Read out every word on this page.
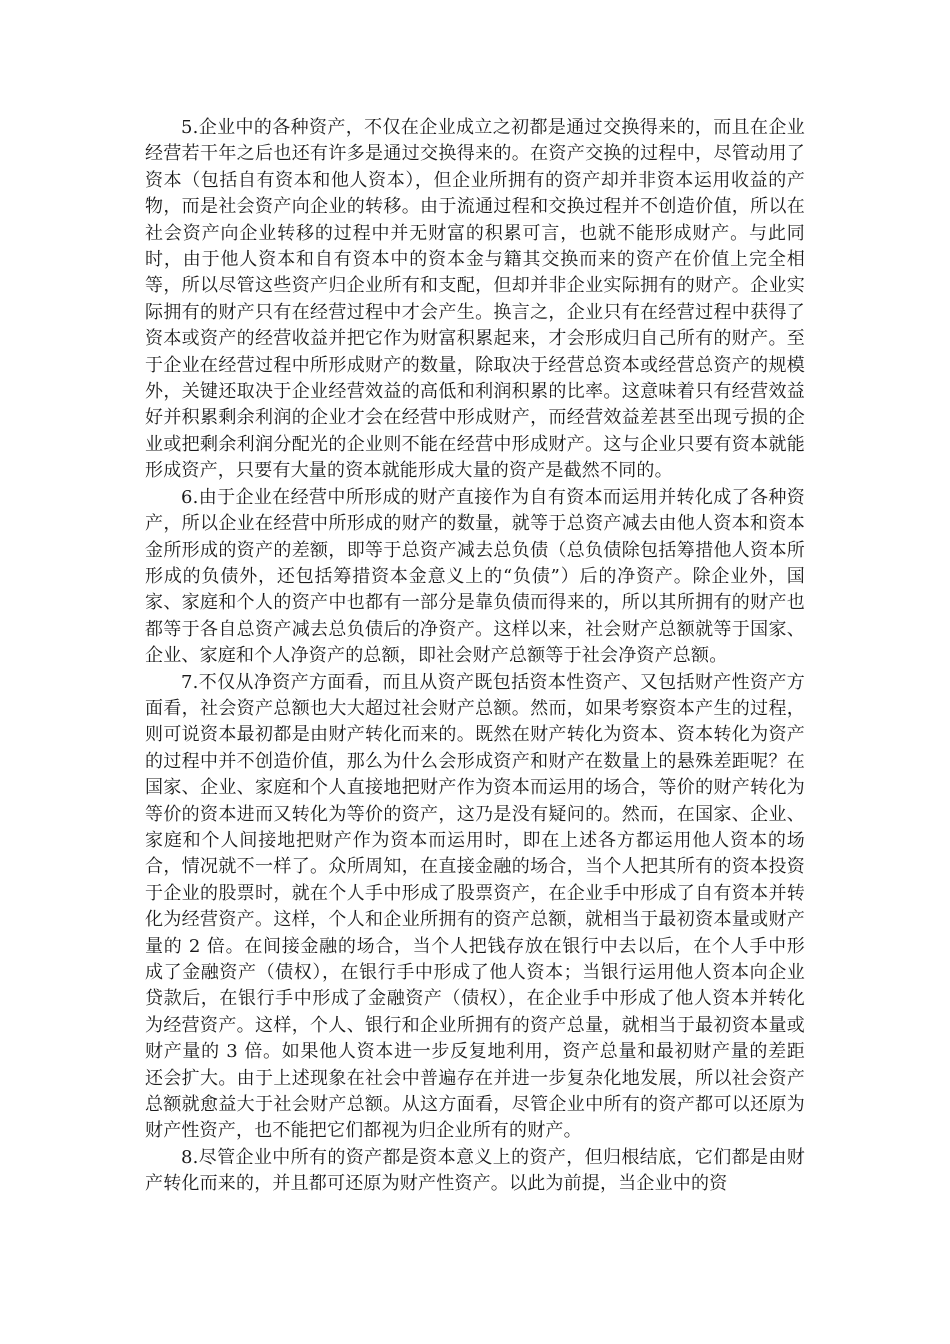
5.企业中的各种资产，不仅在企业成立之初都是通过交换得来的，而且在企业经营若干年之后也还有许多是通过交换得来的。在资产交换的过程中，尽管动用了资本（包括自有资本和他人资本），但企业所拥有的资产却并非资本运用收益的产物，而是社会资产向企业的转移。由于流通过程和交换过程并不创造价值，所以在社会资产向企业转移的过程中并无财富的积累可言，也就不能形成财产。与此同时，由于他人资本和自有资本中的资本金与籍其交换而来的资产在价值上完全相等，所以尽管这些资产归企业所有和支配，但却并非企业实际拥有的财产。企业实际拥有的财产只有在经营过程中才会产生。换言之，企业只有在经营过程中获得了资本或资产的经营收益并把它作为财富积累起来，才会形成归自己所有的财产。至于企业在经营过程中所形成财产的数量，除取决于经营总资本或经营总资产的规模外，关键还取决于企业经营效益的高低和利润积累的比率。这意味着只有经营效益好并积累剩余利润的企业才会在经营中形成财产，而经营效益差甚至出现亏损的企业或把剩余利润分配光的企业则不能在经营中形成财产。这与企业只要有资本就能形成资产，只要有大量的资本就能形成大量的资产是截然不同的。

6.由于企业在经营中所形成的财产直接作为自有资本而运用并转化成了各种资产，所以企业在经营中所形成的财产的数量，就等于总资产减去由他人资本和资本金所形成的资产的差额，即等于总资产减去总负债（总负债除包括筹措他人资本所形成的负债外，还包括筹措资本金意义上的“负债”）后的净资产。除企业外，国家、家庭和个人的资产中也都有一部分是靠负债而得来的，所以其所拥有的财产也都等于各自总资产减去总负债后的净资产。这样以来，社会财产总额就等于国家、企业、家庭和个人净资产的总额，即社会财产总额等于社会净资产总额。

7.不仅从净资产方面看，而且从资产既包括资本性资产、又包括财产性资产方面看，社会资产总额也大大超过社会财产总额。然而，如果考察资本产生的过程，则可说资本最初都是由财产转化而来的。既然在财产转化为资本、资本转化为资产的过程中并不创造价值，那么为什么会形成资产和财产在数量上的悬殊差距呢？在国家、企业、家庭和个人直接地把财产作为资本而运用的场合，等价的财产转化为等价的资本进而又转化为等价的资产，这乃是没有疑问的。然而，在国家、企业、家庭和个人间接地把财产作为资本而运用时，即在上述各方都运用他人资本的场合，情况就不一样了。众所周知，在直接金融的场合，当个人把其所有的资本投资于企业的股票时，就在个人手中形成了股票资产，在企业手中形成了自有资本并转化为经营资产。这样，个人和企业所拥有的资产总额，就相当于最初资本量或财产量的 2 倍。在间接金融的场合，当个人把钱存放在银行中去以后，在个人手中形成了金融资产（债权），在银行手中形成了他人资本；当银行运用他人资本向企业贷款后，在银行手中形成了金融资产（债权），在企业手中形成了他人资本并转化为经营资产。这样，个人、银行和企业所拥有的资产总量，就相当于最初资本量或财产量的 3 倍。如果他人资本进一步反复地利用，资产总量和最初财产量的差距还会扩大。由于上述现象在社会中普遍存在并进一步复杂化地发展，所以社会资产总额就愈益大于社会财产总额。从这方面看，尽管企业中所有的资产都可以还原为财产性资产，也不能把它们都视为归企业所有的财产。

8.尽管企业中所有的资产都是资本意义上的资产，但归根结底，它们都是由财产转化而来的，并且都可还原为财产性资产。以此为前提，当企业中的资
